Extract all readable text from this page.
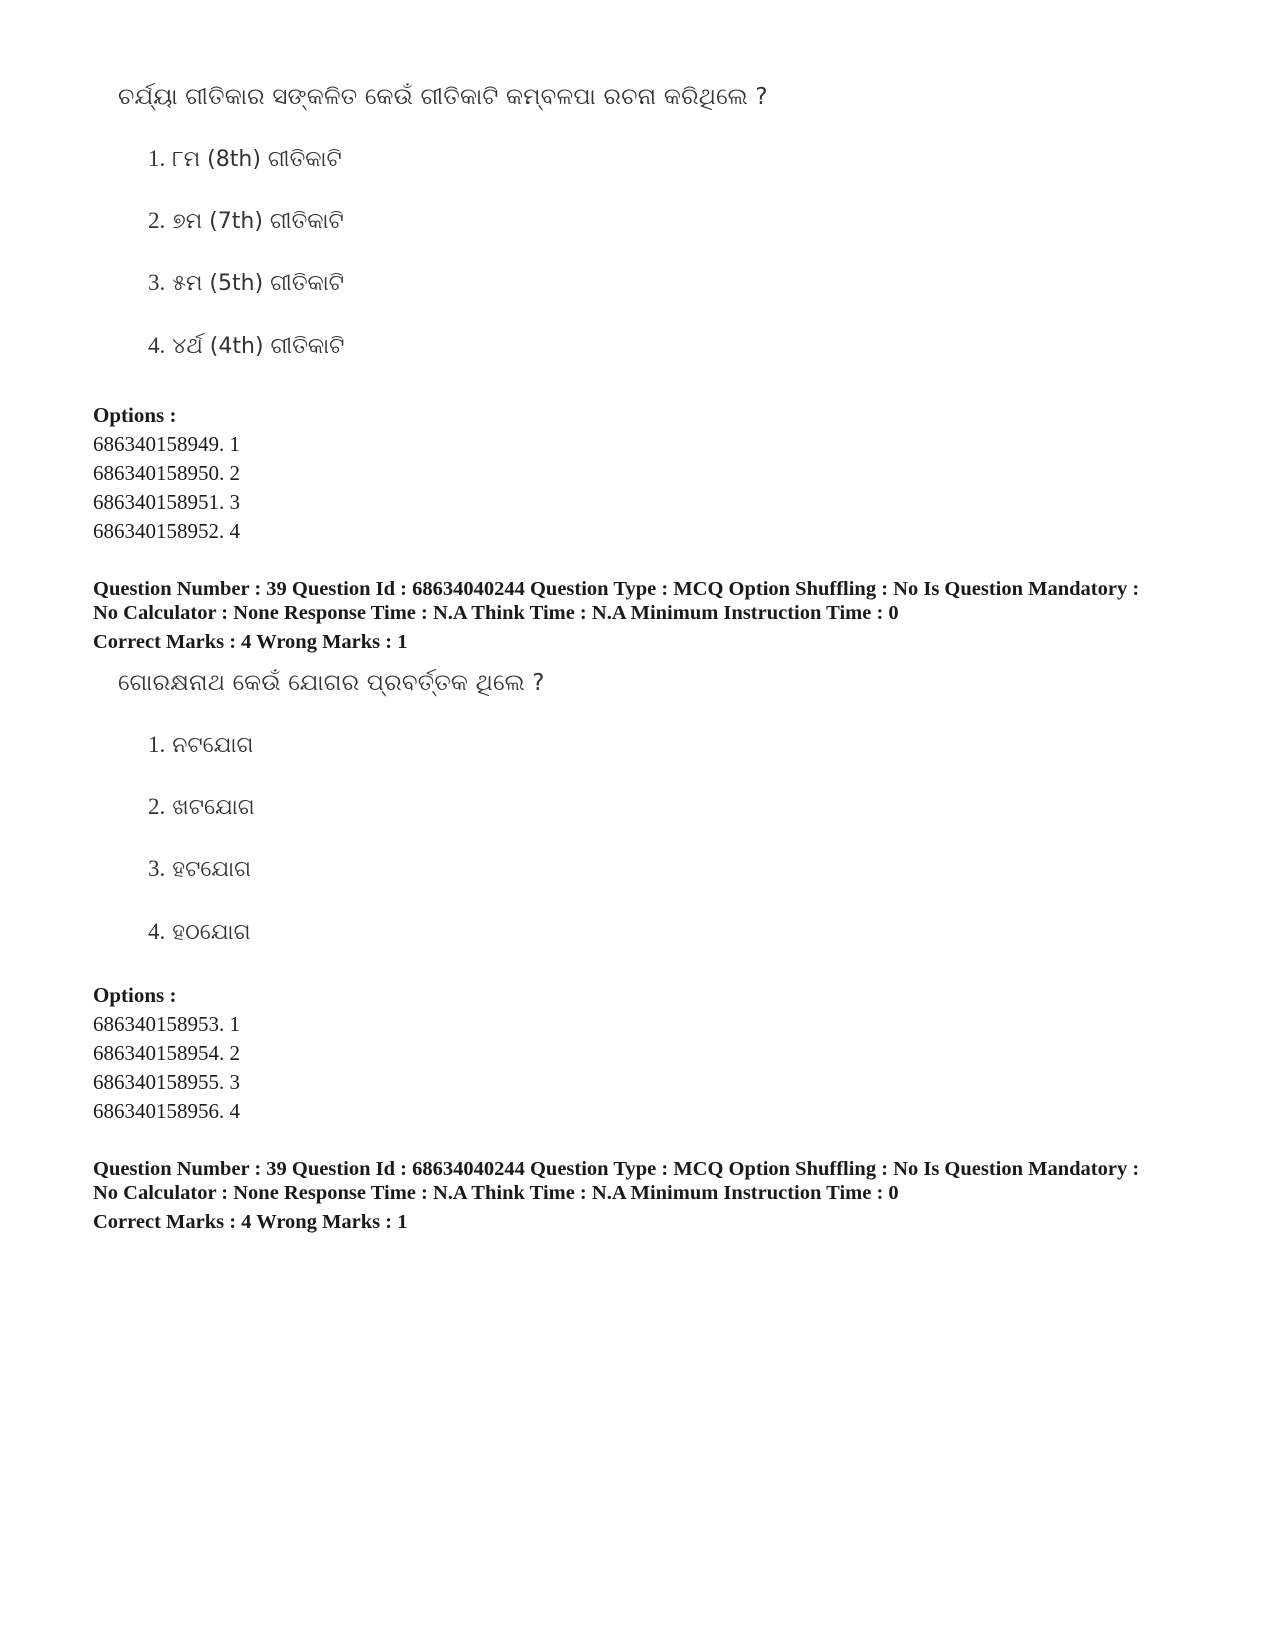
ଚର୍ଯ୍ୟା ଗୀତିକାର ସଙ୍କଳିତ କେଉଁ ଗୀତିକାଟି କମ୍ବଳପା ରଚନା କରିଥିଲେ ?
1. ୮ମ (8th) ଗୀତିକାଟି
2. ୭ମ (7th) ଗୀତିକାଟି
3. ୫ମ (5th) ଗୀତିକାଟି
4. ୪ର୍ଥ (4th) ଗୀତିକାଟି
Options :
686340158949. 1
686340158950. 2
686340158951. 3
686340158952. 4
Question Number : 39 Question Id : 68634040244 Question Type : MCQ Option Shuffling : No Is Question Mandatory :
No Calculator : None Response Time : N.A Think Time : N.A Minimum Instruction Time : 0
Correct Marks : 4 Wrong Marks : 1
ଗୋରକ୍ଷନାଥ କେଉଁ ଯୋଗର ପ୍ରବର୍ତ୍ତକ ଥିଲେ ?
1. ନଟଯୋଗ
2. ଖଟଯୋଗ
3. ହଟଯୋଗ
4. ହଠଯୋଗ
Options :
686340158953. 1
686340158954. 2
686340158955. 3
686340158956. 4
Question Number : 39 Question Id : 68634040244 Question Type : MCQ Option Shuffling : No Is Question Mandatory :
No Calculator : None Response Time : N.A Think Time : N.A Minimum Instruction Time : 0
Correct Marks : 4 Wrong Marks : 1
